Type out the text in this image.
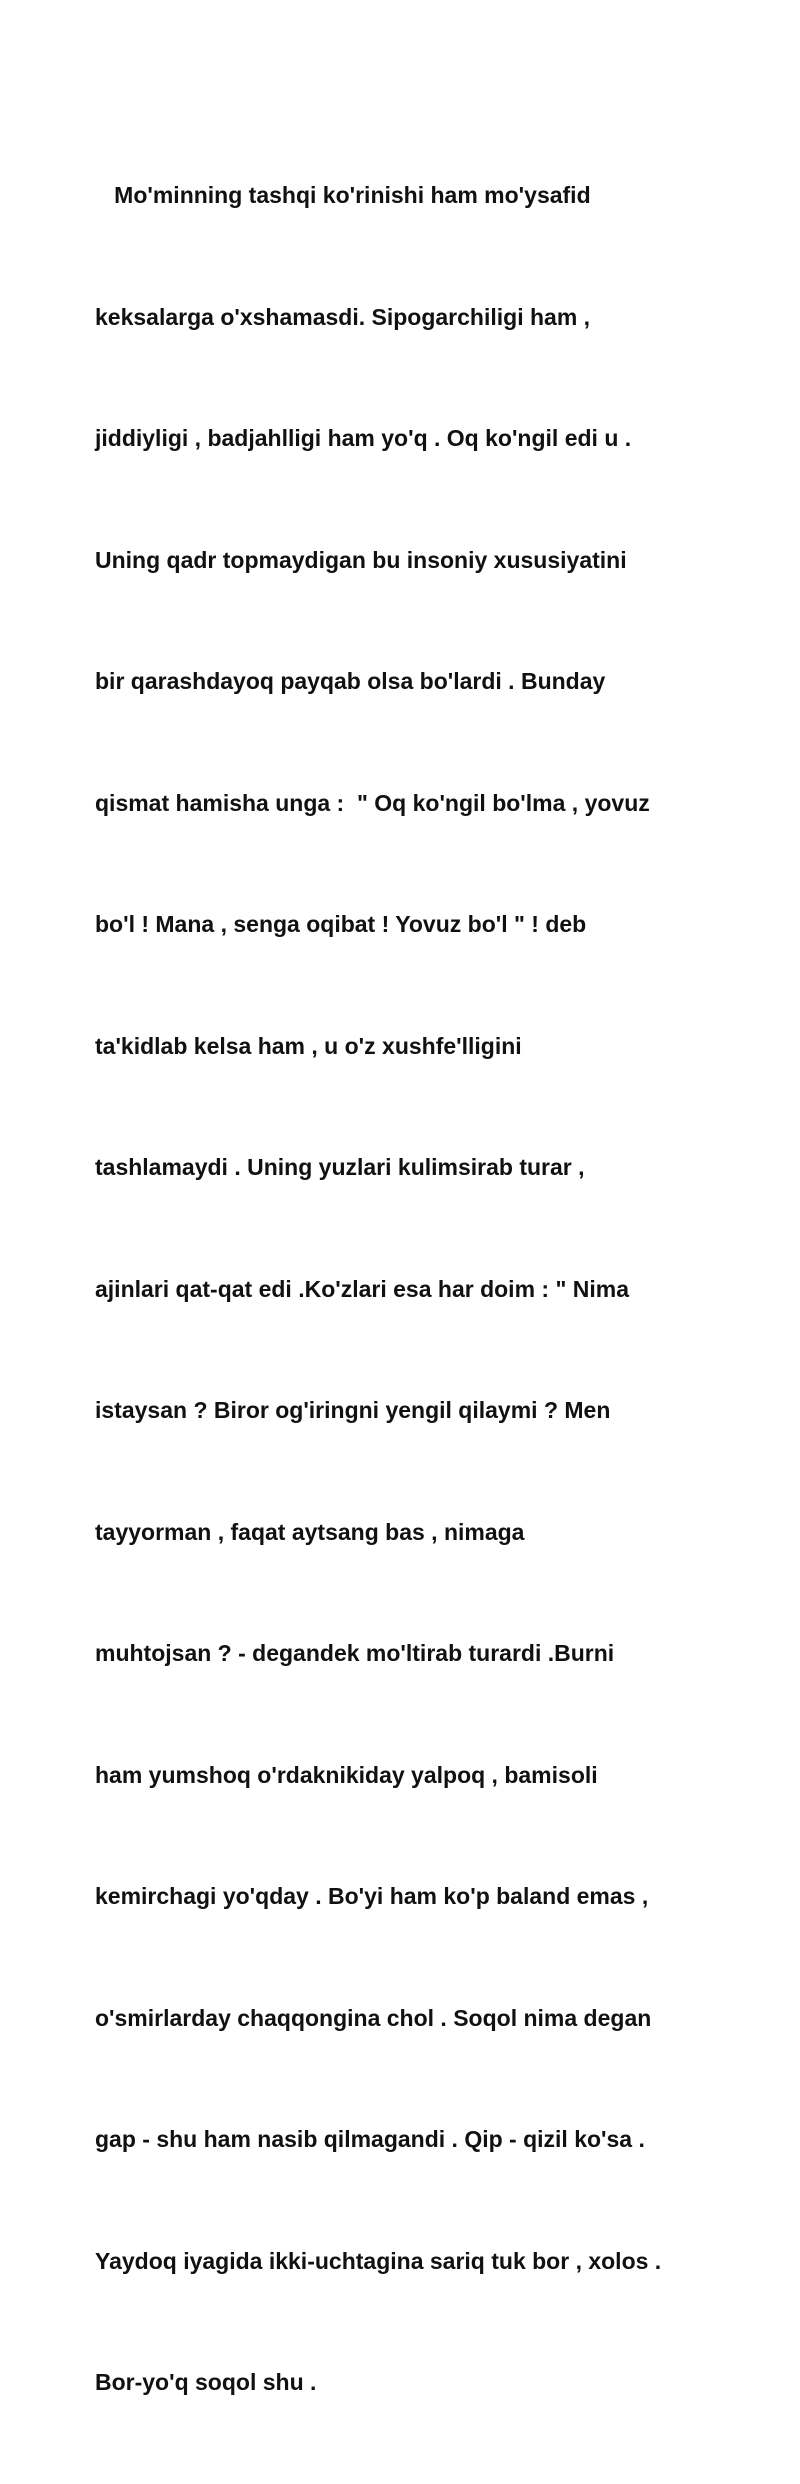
Mo'minning tashqi ko'rinishi ham mo'ysafid

keksalarga o'xshamasdi. Sipogarchiligi ham ,

jiddiyligi , badjahlligi ham yo'q . Oq ko'ngil edi u .

Uning qadr topmaydigan bu insoniy xususiyatini

bir qarashdayoq payqab olsa bo'lardi . Bunday

qismat hamisha unga :  " Oq ko'ngil bo'lma , yovuz

bo'l ! Mana , senga oqibat ! Yovuz bo'l " ! deb

ta'kidlab kelsa ham , u o'z xushfe'lligini

tashlamaydi . Uning yuzlari kulimsirab turar ,

ajinlari qat-qat edi .Ko'zlari esa har doim : " Nima

istaysan ? Biror og'iringni yengil qilaymi ? Men

tayyorman , faqat aytsang bas , nimaga

muhtojsan ? - degandek mo'ltirab turardi .Burni

ham yumshoq o'rdaknikiday yalpoq , bamisoli

kemirchagi yo'qday . Bo'yi ham ko'p baland emas ,

o'smirlarday chaqqongina chol . Soqol nima degan

gap - shu ham nasib qilmagandi . Qip - qizil ko'sa .

Yaydoq iyagida ikki-uchtagina sariq tuk bor , xolos .

Bor-yo'q soqol shu .
